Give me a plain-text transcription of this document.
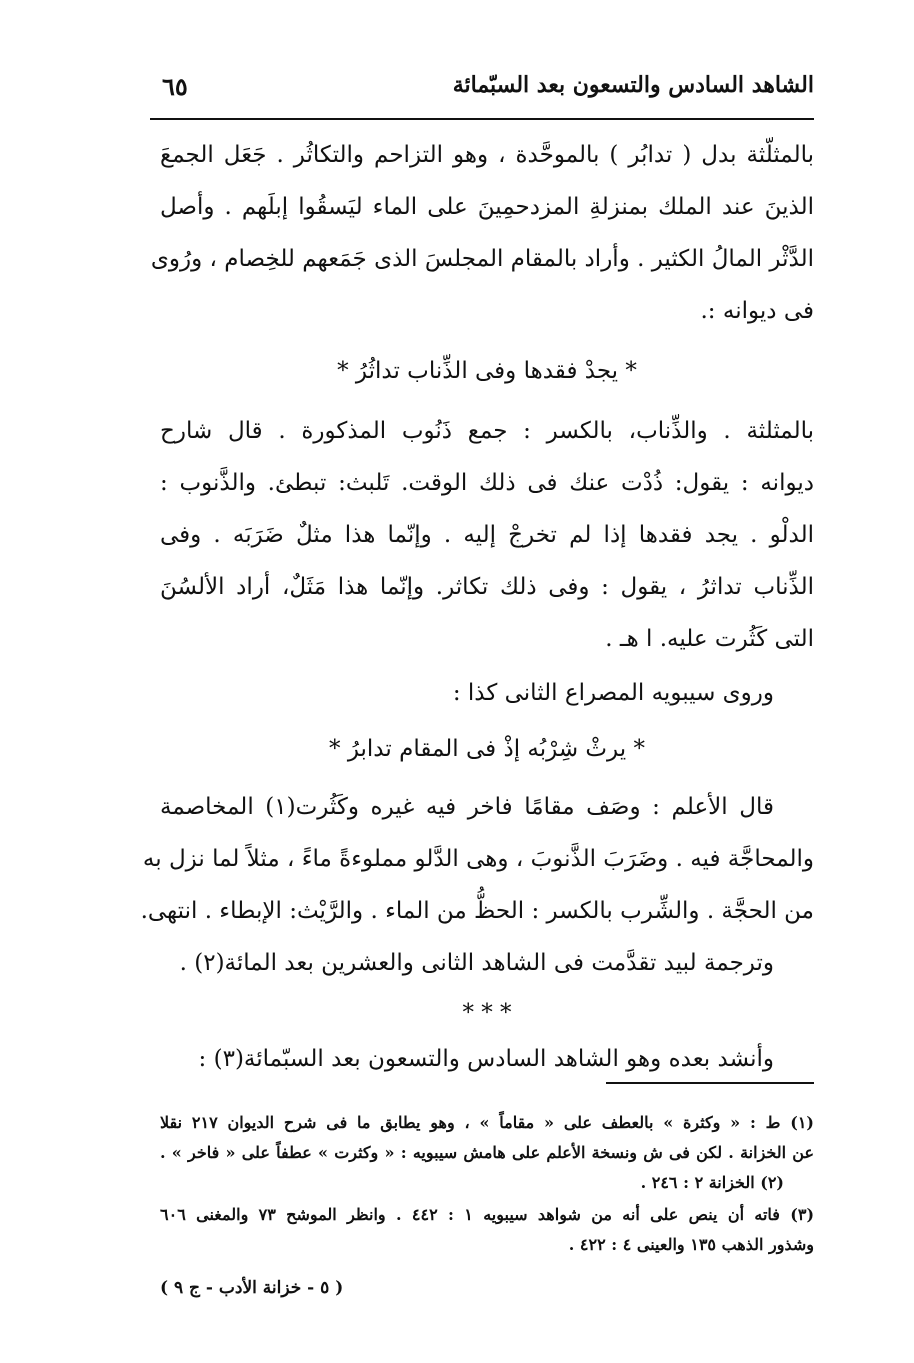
الشاهد السادس والتسعون بعد السبّمائة
٦٥
بالمثلّثة بدل ( تدابُر ) بالموحَّدة ، وهو التزاحم والتكاثُر . جَعَل الجمعَ
الذينَ عند الملك بمنزلةِ المزدحمِينَ على الماء ليَسقُوا إبلَهم . وأصل
الدَّثْر المالُ الكثير . وأراد بالمقام المجلسَ الذى جَمَعهم للخِصام ، ورُوى
فى ديوانه :.
* يجدْ فقدها وفى الذِّناب تداثُرُ *
بالمثلثة . والذِّناب، بالكسر : جمع ذَنُوب المذكورة . قال شارح
ديوانه : يقول: ذُدْت عنك فى ذلك الوقت. تَلبث: تبطئ. والذَّنوب :
الدلْو . يجد فقدها إذا لم تخرجْ إليه . وإنّما هذا مثلٌ ضَرَبَه . وفى
الذِّناب تداثرُ ، يقول : وفى ذلك تكاثر. وإنّما هذا مَثَلٌ، أراد الألسُنَ
التى كَثُرت عليه. ا هـ .
وروى سيبويه المصراع الثانى كذا :
* يرثْ شِرْبُه إذْ فى المقام تدابرُ *
قال الأعلم : وصَف مقامًا فاخر فيه غيره وكَثُرت(١) المخاصمة
والمحاجَّة فيه . وضَرَبَ الذَّنوبَ ، وهى الدَّلو مملوءةً ماءً ، مثلاً لما نزل به
من الحجَّة . والشِّرب بالكسر : الحظُّ من الماء . والرَّيْث: الإبطاء . انتهى.
وترجمة لبيد تقدَّمت فى الشاهد الثانى والعشرين بعد المائة(٢) .
* * *
وأنشد بعده وهو الشاهد السادس والتسعون بعد السبّمائة(٣) :
(١) ط : « وكثرة » بالعطف على « مقاماً » ، وهو يطابق ما فى شرح الديوان ٢١٧ نقلا
عن الخزانة . لكن فى ش ونسخة الأعلم على هامش سيبويه : « وكثرت » عطفاً على « فاخر » .
(٢) الخزانة ٢ : ٢٤٦ .
(٣) فاته أن ينص على أنه من شواهد سيبويه ١ : ٤٤٢ . وانظر الموشح ٧٣ والمغنى ٦٠٦
وشذور الذهب ١٣٥ والعينى ٤ : ٤٢٢ .
( ٥ - خزانة الأدب - ج ٩ )
